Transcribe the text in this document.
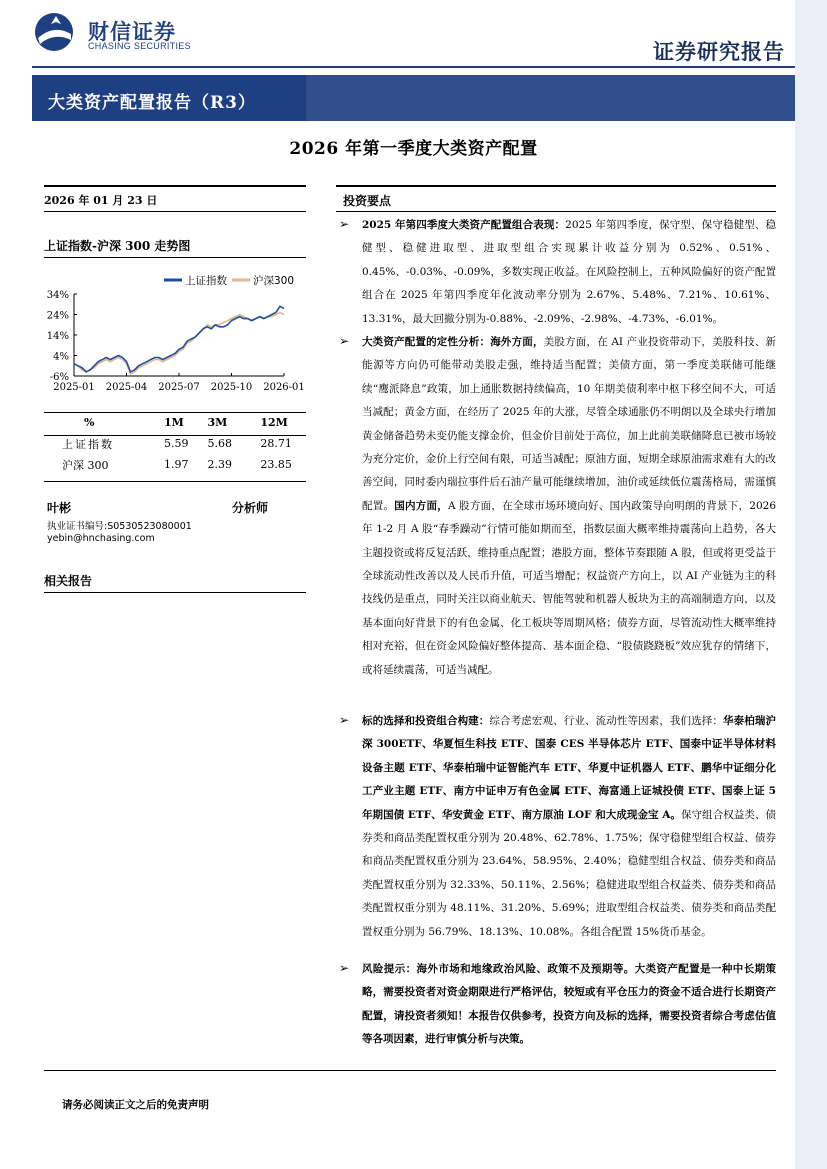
财信证券
CHASING SECURITIES	证券研究报告
大类资产配置报告（R3）
2026 年第一季度大类资产配置
2026 年 01 月 23 日
上证指数-沪深 300 走势图
34%
24%
14%
4%
-6%
2025-01 2025-04 2025-07 2025-10 2026-01
上证指数 沪深300
%	1M	3M	12M
上证指数	5.59	5.68	28.71
沪深 300	1.97	2.39	23.85
叶彬	分析师
执业证书编号:S0530523080001
yebin@hnchasing.com
相关报告
投资要点
➢ 2025 年第四季度大类资产配置组合表现：2025 年第四季度，保守型、保守稳健型、稳健型、稳健进取型、进取型组合实现累计收益分别为 0.52%、0.51%、0.45%、-0.03%、-0.09%，多数实现正收益。在风险控制上，五种风险偏好的资产配置组合在 2025 年第四季度年化波动率分别为 2.67%、5.48%、7.21%、10.61%、13.31%，最大回撤分别为-0.88%、-2.09%、-2.98%、-4.73%、-6.01%。
➢ 大类资产配置的定性分析：海外方面，美股方面，在 AI 产业投资带动下，美股科技、新能源等方向仍可能带动美股走强，维持适当配置；美债方面，第一季度美联储可能继续“鹰派降息”政策，加上通胀数据持续偏高，10 年期美债利率中枢下移空间不大，可适当减配；黄金方面，在经历了 2025 年的大涨，尽管全球通胀仍不明朗以及全球央行增加黄金储备趋势未变仍能支撑金价，但金价目前处于高位，加上此前美联储降息已被市场较为充分定价，金价上行空间有限，可适当减配；原油方面，短期全球原油需求难有大的改善空间，同时委内瑞拉事件后石油产量可能继续增加，油价或延续低位震荡格局，需谨慎配置。国内方面，A 股方面，在全球市场环境向好、国内政策导向明朗的背景下，2026 年 1-2 月 A 股“春季躁动”行情可能如期而至，指数层面大概率维持震荡向上趋势，各大主题投资或将反复活跃，维持重点配置；港股方面，整体节奏跟随 A 股，但或将更受益于全球流动性改善以及人民币升值，可适当增配；权益资产方向上，以 AI 产业链为主的科技线仍是重点，同时关注以商业航天、智能驾驶和机器人板块为主的高端制造方向，以及基本面向好背景下的有色金属、化工板块等周期风格；债券方面，尽管流动性大概率维持相对充裕，但在资金风险偏好整体提高、基本面企稳、“股债跷跷板”效应犹存的情绪下，或将延续震荡，可适当减配。
➢ 标的选择和投资组合构建：综合考虑宏观、行业、流动性等因素，我们选择：华泰柏瑞沪深 300ETF、华夏恒生科技 ETF、国泰 CES 半导体芯片 ETF、国泰中证半导体材料设备主题 ETF、华泰柏瑞中证智能汽车 ETF、华夏中证机器人 ETF、鹏华中证细分化工产业主题 ETF、南方中证申万有色金属 ETF、海富通上证城投债 ETF、国泰上证 5 年期国债 ETF、华安黄金 ETF、南方原油 LOF 和大成现金宝 A。保守组合权益类、债券类和商品类配置权重分别为 20.48%、62.78%、1.75%；保守稳健型组合权益、债券和商品类配置权重分别为 23.64%、58.95%、2.40%；稳健型组合权益、债券类和商品类配置权重分别为 32.33%、50.11%、2.56%；稳健进取型组合权益类、债券类和商品类配置权重分别为 48.11%、31.20%、5.69%；进取型组合权益类、债券类和商品类配置权重分别为 56.79%、18.13%、10.08%。各组合配置 15%货币基金。
➢ 风险提示：海外市场和地缘政治风险、政策不及预期等。大类资产配置是一种中长期策略，需要投资者对资金期限进行严格评估，较短或有平仓压力的资金不适合进行长期资产配置，请投资者须知！本报告仅供参考，投资方向及标的选择，需要投资者综合考虑估值等各项因素，进行审慎分析与决策。
请务必阅读正文之后的免责声明
